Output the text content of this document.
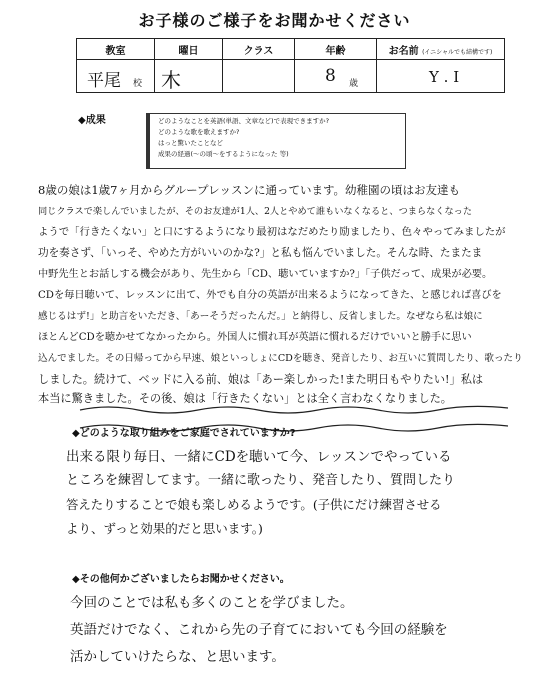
お子様のご様子をお聞かせください
教室	曜日	クラス	年齢	お名前 (イニシャルでも結構です)

平尾 校	木		8 歳	Y . I
◆成果	どのようなことを英語(単語、文章など)で表現できますか?
どのような歌を歌えますか?
はっと驚いたことなど
成果の経過(〜の頃〜をするようになった 等)
8歳の娘は1歳7ヶ月からグループレッスンに通っています。幼稚園の頃はお友達も
同じクラスで楽しんでいましたが、そのお友達が1人、2人とやめて誰もいなくなると、つまらなくなった
ようで「行きたくない」と口にするようになり最初はなだめたり励ましたり、色々やってみましたが
功を奏さず、「いっそ、やめた方がいいのかな?」と私も悩んでいました。そんな時、たまたま
中野先生とお話しする機会があり、先生から「CD、聴いていますか?」「子供だって、成果が必要。
CDを毎日聴いて、レッスンに出て、外でも自分の英語が出来るようになってきた、と感じれば喜びを
感じるはず!」と助言をいただき、「あーそうだったんだ。」と納得し、反省しました。なぜなら私は娘に
ほとんどCDを聴かせてなかったから。外国人に慣れ耳が英語に慣れるだけでいいと勝手に思い
込んでました。その日帰ってから早速、娘といっしょにCDを聴き、発音したり、お互いに質問したり、歌ったり
しました。続けて、ベッドに入る前、娘は「あー楽しかった!また明日もやりたい!」私は
本当に驚きました。その後、娘は「行きたくない」とは全く言わなくなりました。
◆どのような取り組みをご家庭でされていますか?
出来る限り毎日、一緒にCDを聴いて今、レッスンでやっている
ところを練習してます。一緒に歌ったり、発音したり、質問したり
答えたりすることで娘も楽しめるようです。(子供にだけ練習させる
より、ずっと効果的だと思います。)
◆その他何かございましたらお聞かせください。
今回のことでは私も多くのことを学びました。
英語だけでなく、これから先の子育てにおいても今回の経験を
活かしていけたらな、と思います。
